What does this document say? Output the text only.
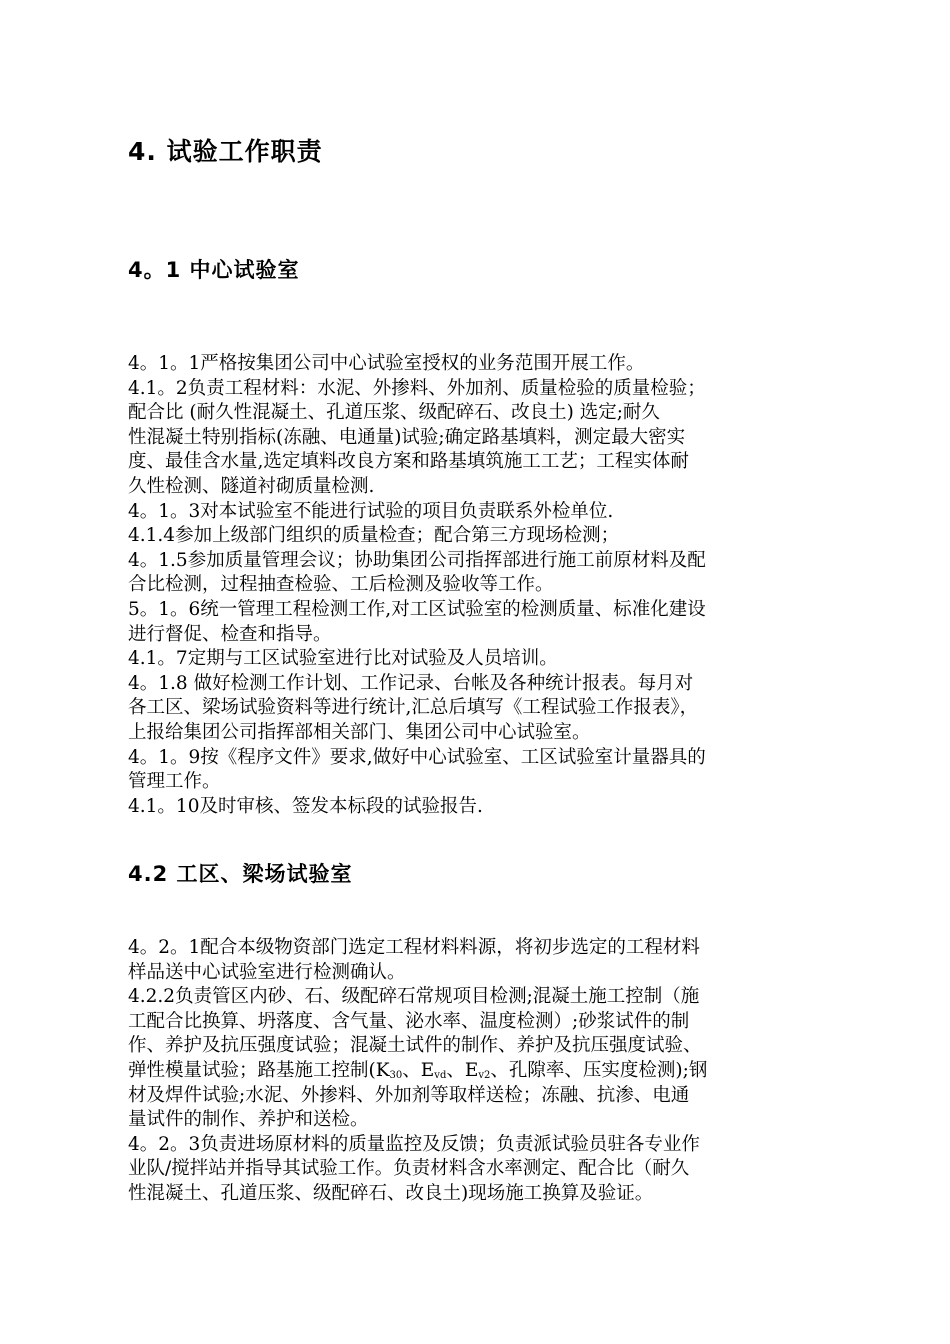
4. 试验工作职责
4。1 中心试验室
4。1。1严格按集团公司中心试验室授权的业务范围开展工作。
4.1。2负责工程材料：水泥、外掺料、外加剂、质量检验的质量检验；
配合比 (耐久性混凝土、孔道压浆、级配碎石、改良土) 选定;耐久
性混凝土特别指标(冻融、电通量)试验;确定路基填料，测定最大密实
度、最佳含水量,选定填料改良方案和路基填筑施工工艺；工程实体耐
久性检测、隧道衬砌质量检测.
4。1。3对本试验室不能进行试验的项目负责联系外检单位.
4.1.4参加上级部门组织的质量检查；配合第三方现场检测；
4。1.5参加质量管理会议；协助集团公司指挥部进行施工前原材料及配
合比检测，过程抽查检验、工后检测及验收等工作。
5。1。6统一管理工程检测工作,对工区试验室的检测质量、标准化建设
进行督促、检查和指导。
4.1。7定期与工区试验室进行比对试验及人员培训。
4。1.8 做好检测工作计划、工作记录、台帐及各种统计报表。每月对
各工区、梁场试验资料等进行统计,汇总后填写《工程试验工作报表》，
上报给集团公司指挥部相关部门、集团公司中心试验室。
4。1。9按《程序文件》要求,做好中心试验室、工区试验室计量器具的
管理工作。
4.1。10及时审核、签发本标段的试验报告.
4.2 工区、梁场试验室
4。2。1配合本级物资部门选定工程材料料源，将初步选定的工程材料
样品送中心试验室进行检测确认。
4.2.2负责管区内砂、石、级配碎石常规项目检测;混凝土施工控制（施
工配合比换算、坍落度、含气量、泌水率、温度检测）;砂浆试件的制
作、养护及抗压强度试验；混凝土试件的制作、养护及抗压强度试验、
弹性模量试验；路基施工控制($K_{30}$、$E_{vd}$、$E_{v2}$、孔隙率、压实度检测);钢
材及焊件试验;水泥、外掺料、外加剂等取样送检；冻融、抗渗、电通
量试件的制作、养护和送检。
4。2。3负责进场原材料的质量监控及反馈；负责派试验员驻各专业作
业队/搅拌站并指导其试验工作。负责材料含水率测定、配合比（耐久
性混凝土、孔道压浆、级配碎石、改良土)现场施工换算及验证。
